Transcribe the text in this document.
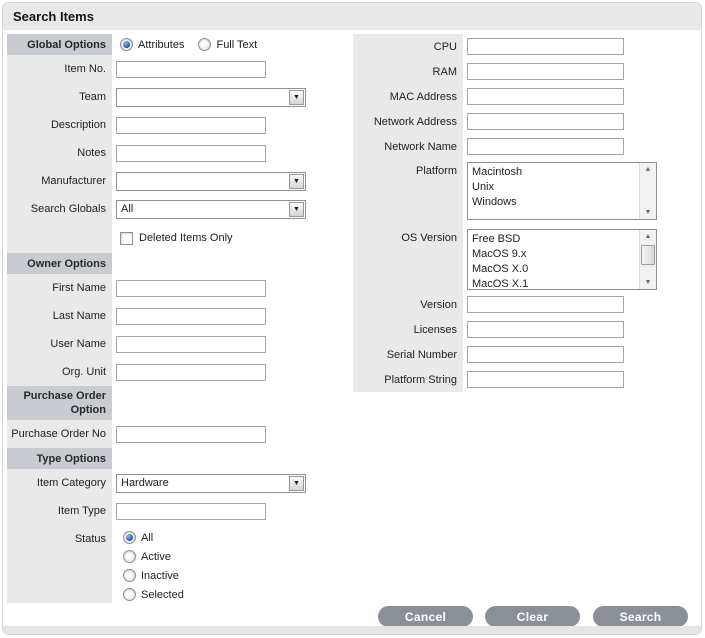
Search Items
Global Options	Attributes	Full Text
Item No.
Team	▼
Description
Notes
Manufacturer	▼
Search Globals	All	▼
Deleted Items Only
Owner Options
First Name
Last Name
User Name
Org. Unit
Purchase Order Option
Purchase Order No
Type Options
Item Category	Hardware	▼
Item Type
Status	All
Active
Inactive
Selected
CPU
RAM
MAC Address
Network Address
Network Name
Platform	Macintosh
Unix
Windows
▲
▼
OS Version	Free BSD
MacOS 9.x
MacOS X.0
MacOS X.1
▲
▼
Version
Licenses
Serial Number
Platform String
Cancel	Clear	Search
